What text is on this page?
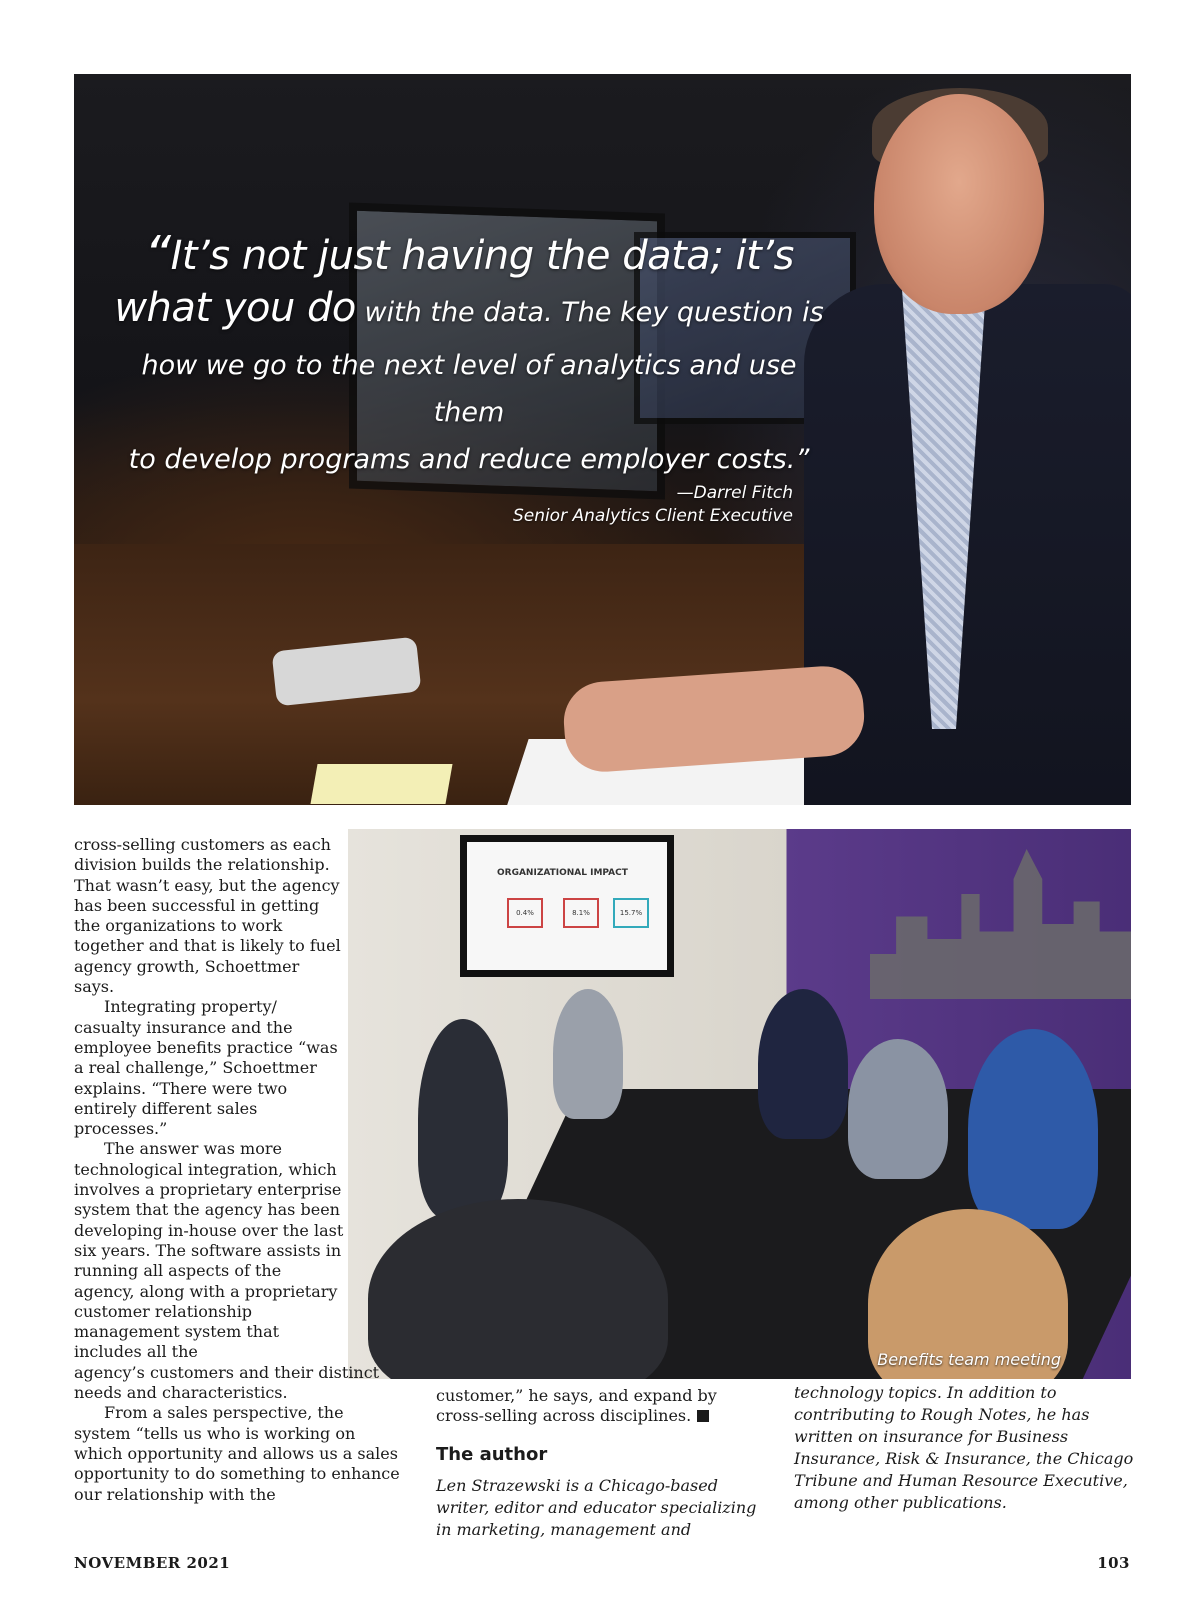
“It’s not just having the data; it’s
what you do with the data. The key question is
how we go to the next level of analytics and use them
to develop programs and reduce employer costs.”
—Darrel Fitch
Senior Analytics Client Executive
ORGANIZATIONAL IMPACT
0.4%	8.1%	15.7%
Benefits team meeting

cross-selling customers as each division builds the relationship. That wasn’t easy, but the agency has been successful in getting the organizations to work together and that is likely to fuel agency growth, Schoettmer says.

Integrating property/ casualty insurance and the employee benefits practice “was a real challenge,” Schoettmer explains. “There were two entirely different sales processes.”

The answer was more technological integration, which involves a proprietary enterprise system that the agency has been developing in-house over the last six years. The software assists in running all aspects of the agency, along with a proprietary customer relationship management system that includes all the

agency’s customers and their distinct needs and characteristics.

From a sales perspective, the system “tells us who is working on which opportunity and allows us a sales opportunity to do something to enhance our relationship with the

customer,” he says, and expand by cross-selling across disciplines.

The author
Len Strazewski is a Chicago-based writer, editor and educator specializing in marketing, management and
technology topics. In addition to contributing to Rough Notes, he has written on insurance for Business Insurance, Risk & Insurance, the Chicago Tribune and Human Resource Executive, among other publications.
NOVEMBER 2021	103
